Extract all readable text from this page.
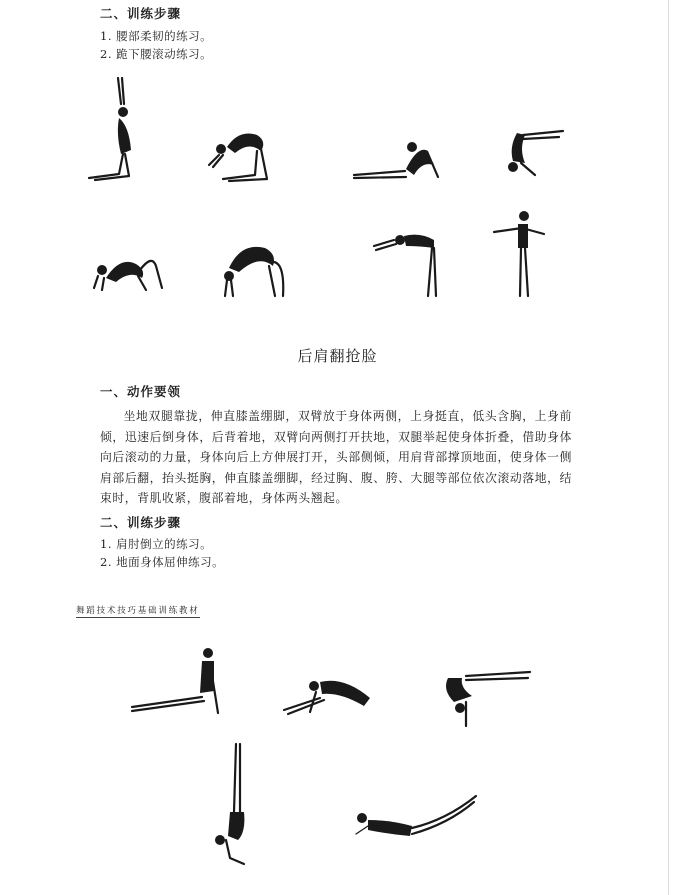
二、训练步骤
1. 腰部柔韧的练习。
2. 跪下腰滚动练习。
后肩翻抢脸
一、动作要领
坐地双腿靠拢，伸直膝盖绷脚，双臂放于身体两侧，上身挺直，低头含胸，上身前倾，迅速后倒身体，后背着地，双臂向两侧打开扶地，双腿举起使身体折叠，借助身体向后滚动的力量，身体向后上方伸展打开，头部侧倾，用肩背部撑顶地面，使身体一侧肩部后翻，抬头挺胸，伸直膝盖绷脚，经过胸、腹、胯、大腿等部位依次滚动落地，结束时，背肌收紧，腹部着地，身体两头翘起。
二、训练步骤
1. 肩肘倒立的练习。
2. 地面身体屈伸练习。
舞蹈技术技巧基础训练教材
